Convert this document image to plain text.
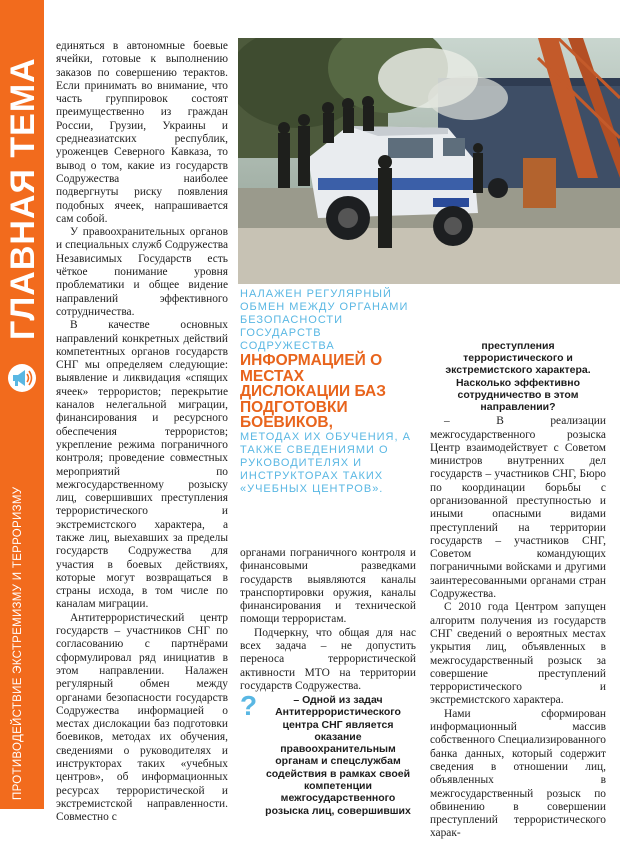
ГЛАВНАЯ ТЕМА
ПРОТИВОДЕЙСТВИЕ ЭКСТРЕМИЗМУ И ТЕРРОРИЗМУ

единяться в автономные боевые ячейки, готовые к выполнению заказов по совершению терактов. Если принимать во внимание, что часть группировок состоят преимущественно из граждан России, Грузии, Украины и среднеазиатских республик, уроженцев Северного Кавказа, то вывод о том, какие из государств Содружества наиболее подвергнуты риску появления подобных ячеек, напрашивается сам собой.

У правоохранительных органов и специальных служб Содружества Независимых Государств есть чёткое понимание уровня проблематики и общее видение направлений эффективного сотрудничества.

В качестве основных направлений конкретных действий компетентных органов государств СНГ мы определяем следующие: выявление и ликвидация «спящих ячеек» террористов; перекрытие каналов нелегальной миграции, финансирования и ресурсного обеспечения террористов; укрепление режима пограничного контроля; проведение совместных мероприятий по межгосударственному розыску лиц, совершивших преступления террористического и экстремистского характера, а также лиц, выехавших за пределы государств Содружества для участия в боевых действиях, которые могут возвращаться в страны исхода, в том числе по каналам миграции.

Антитеррористический центр государств – участников СНГ по согласованию с партнёрами сформулировал ряд инициатив в этом направлении. Налажен регулярный обмен между органами безопасности государств Содружества информацией о местах дислокации баз подготовки боевиков, методах их обучения, сведениями о руководителях и инструкторах таких «учебных центров», об информационных ресурсах террористической и экстремистской направленности. Совместно с

НАЛАЖЕН РЕГУЛЯРНЫЙ ОБМЕН МЕЖДУ ОРГАНАМИ БЕЗОПАСНОСТИ ГОСУДАРСТВ СОДРУЖЕСТВА
ИНФОРМАЦИЕЙ О МЕСТАХ ДИСЛОКАЦИИ БАЗ ПОДГОТОВКИ БОЕВИКОВ,
МЕТОДАХ ИХ ОБУЧЕНИЯ, А ТАКЖЕ СВЕДЕНИЯМИ О РУКОВОДИТЕЛЯХ И ИНСТРУКТОРАХ ТАКИХ «УЧЕБНЫХ ЦЕНТРОВ».

органами пограничного контроля и финансовыми разведками государств выявляются каналы транспортировки оружия, каналы финансирования и технической помощи террористам.

Подчеркну, что общая для нас всех задача – не допустить переноса террористической активности МТО на территории государств Содружества.

?	– Одной из задач Антитеррористического центра СНГ является оказание правоохранительным органам и спецслужбам содействия в рамках своей компетенции межгосударственного розыска лиц, совершивших
преступления террористического и экстремистского характера. Насколько эффективно сотрудничество в этом направлении?

– В реализации межгосударственного розыска Центр взаимодействует с Советом министров внутренних дел государств – участников СНГ, Бюро по координации борьбы с организованной преступностью и иными опасными видами преступлений на территории государств – участников СНГ, Советом командующих пограничными войсками и другими заинтересованными органами стран Содружества.

С 2010 года Центром запущен алгоритм получения из государств СНГ сведений о вероятных местах укрытия лиц, объявленных в межгосударственный розыск за совершение преступлений террористического и экстремистского характера.

Нами сформирован информационный массив собственного Специализированного банка данных, который содержит сведения в отношении лиц, объявленных в межгосударственный розыск по обвинению в совершении преступлений террористического харак-
